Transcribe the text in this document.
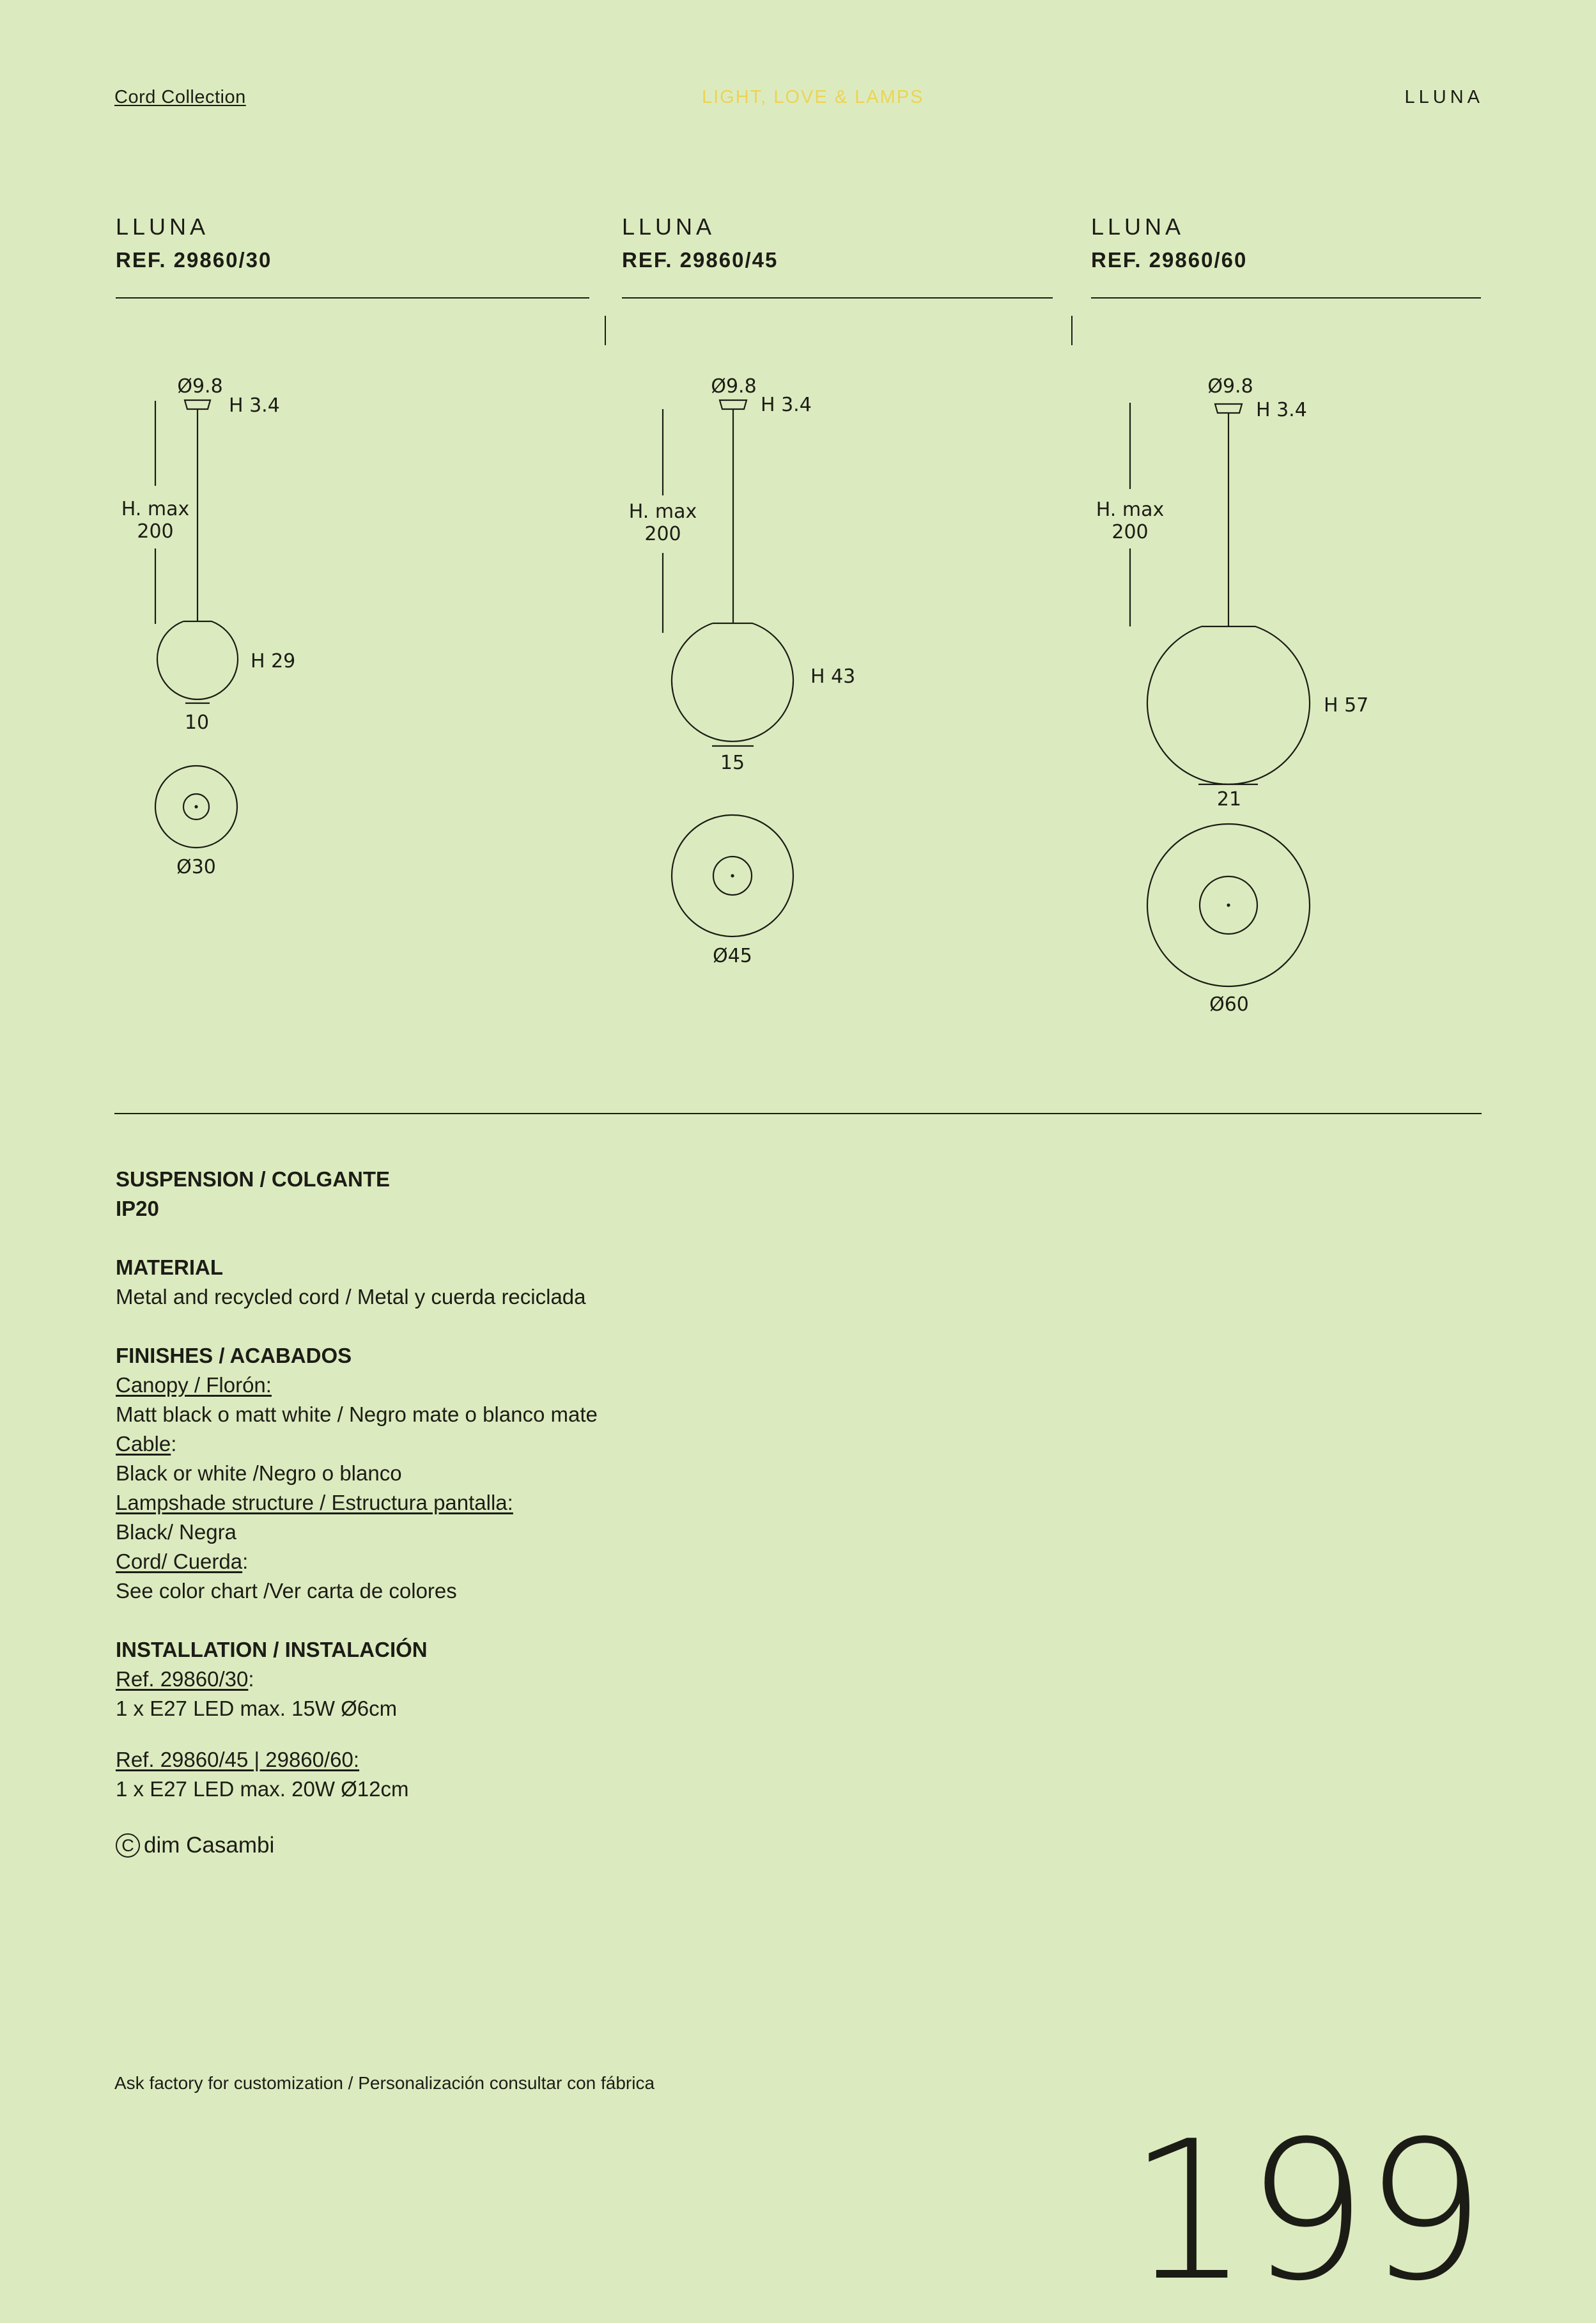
Cord Collection	LIGHT, LOVE & LAMPS	LLUNA
LLUNA
REF. 29860/30
LLUNA
REF. 29860/45
LLUNA
REF. 29860/60
Ø9.8
H 3.4
H. max
200
H 29
10
Ø30
Ø9.8
H 3.4
H. max
200
H 43
15
Ø45
Ø9.8
H 3.4
H. max
200
H 57
21
Ø60
SUSPENSION / COLGANTE
IP20
MATERIAL
Metal and recycled cord / Metal y cuerda reciclada
FINISHES / ACABADOS
Canopy / Florón:
Matt black o matt white / Negro mate o blanco mate
Cable:
Black or white /Negro o blanco
Lampshade structure / Estructura pantalla:
Black/ Negra
Cord/ Cuerda:
See color chart /Ver carta de colores
INSTALLATION / INSTALACIÓN
Ref. 29860/30:
1 x E27 LED max. 15W Ø6cm
Ref. 29860/45 | 29860/60:
1 x E27 LED max. 20W Ø12cm
C dim Casambi
Ask factory for customization / Personalización consultar con fábrica
199
